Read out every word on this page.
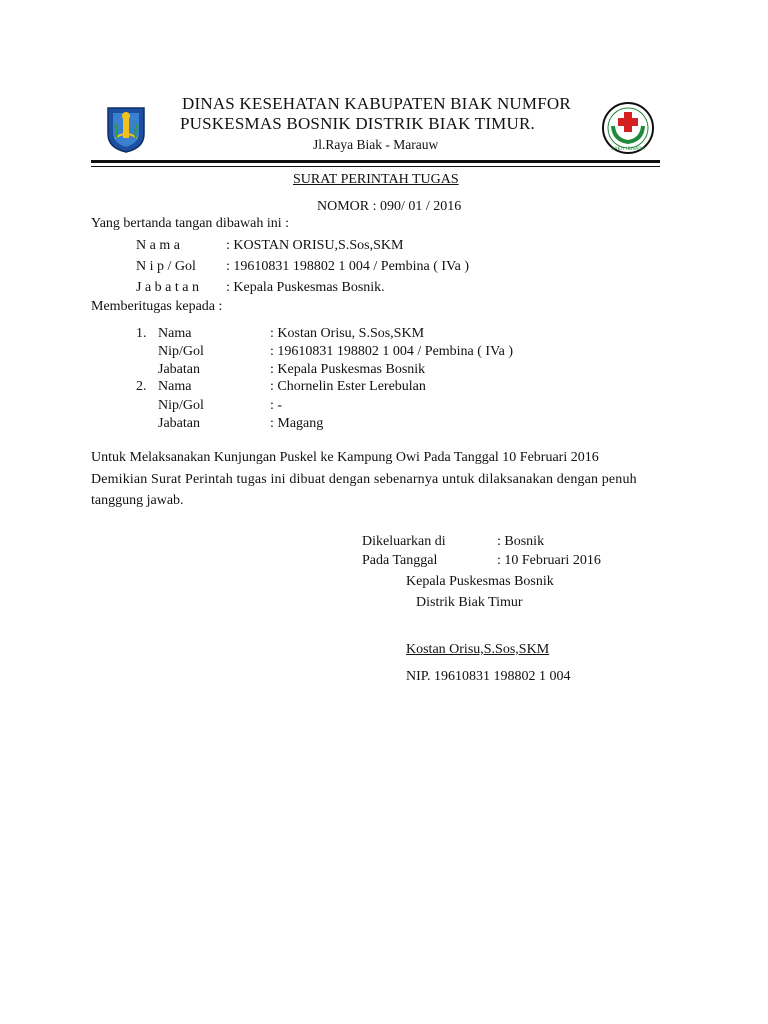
DINAS KESEHATAN KABUPATEN BIAK NUMFOR
PUSKESMAS BOSNIK DISTRIK BIAK TIMUR.
Jl.Raya Biak - Marauw	BAKTI HUSADA
SURAT PERINTAH TUGAS
NOMOR : 090/ 01 / 2016
Yang bertanda tangan dibawah ini :
N a m a	: KOSTAN ORISU,S.Sos,SKM
N i p / Gol : 19610831 198802 1 004 / Pembina ( IVa )
J a b a t a n : Kepala Puskesmas Bosnik.
Memberitugas kepada :
1. Nama	: Kostan Orisu, S.Sos,SKM
Nip/Gol	: 19610831 198802 1 004 / Pembina ( IVa )
Jabatan	: Kepala Puskesmas Bosnik
2. Nama	: Chornelin Ester Lerebulan
Nip/Gol	: -
Jabatan	: Magang
Untuk Melaksanakan Kunjungan Puskel ke Kampung Owi Pada Tanggal 10 Februari 2016
Demikian Surat Perintah tugas ini dibuat dengan sebenarnya untuk dilaksanakan dengan penuh
tanggung jawab.
Dikeluarkan di	: Bosnik
Pada Tanggal	: 10 Februari 2016
Kepala Puskesmas Bosnik
Distrik Biak Timur
Kostan Orisu,S.Sos,SKM
NIP. 19610831 198802 1 004
